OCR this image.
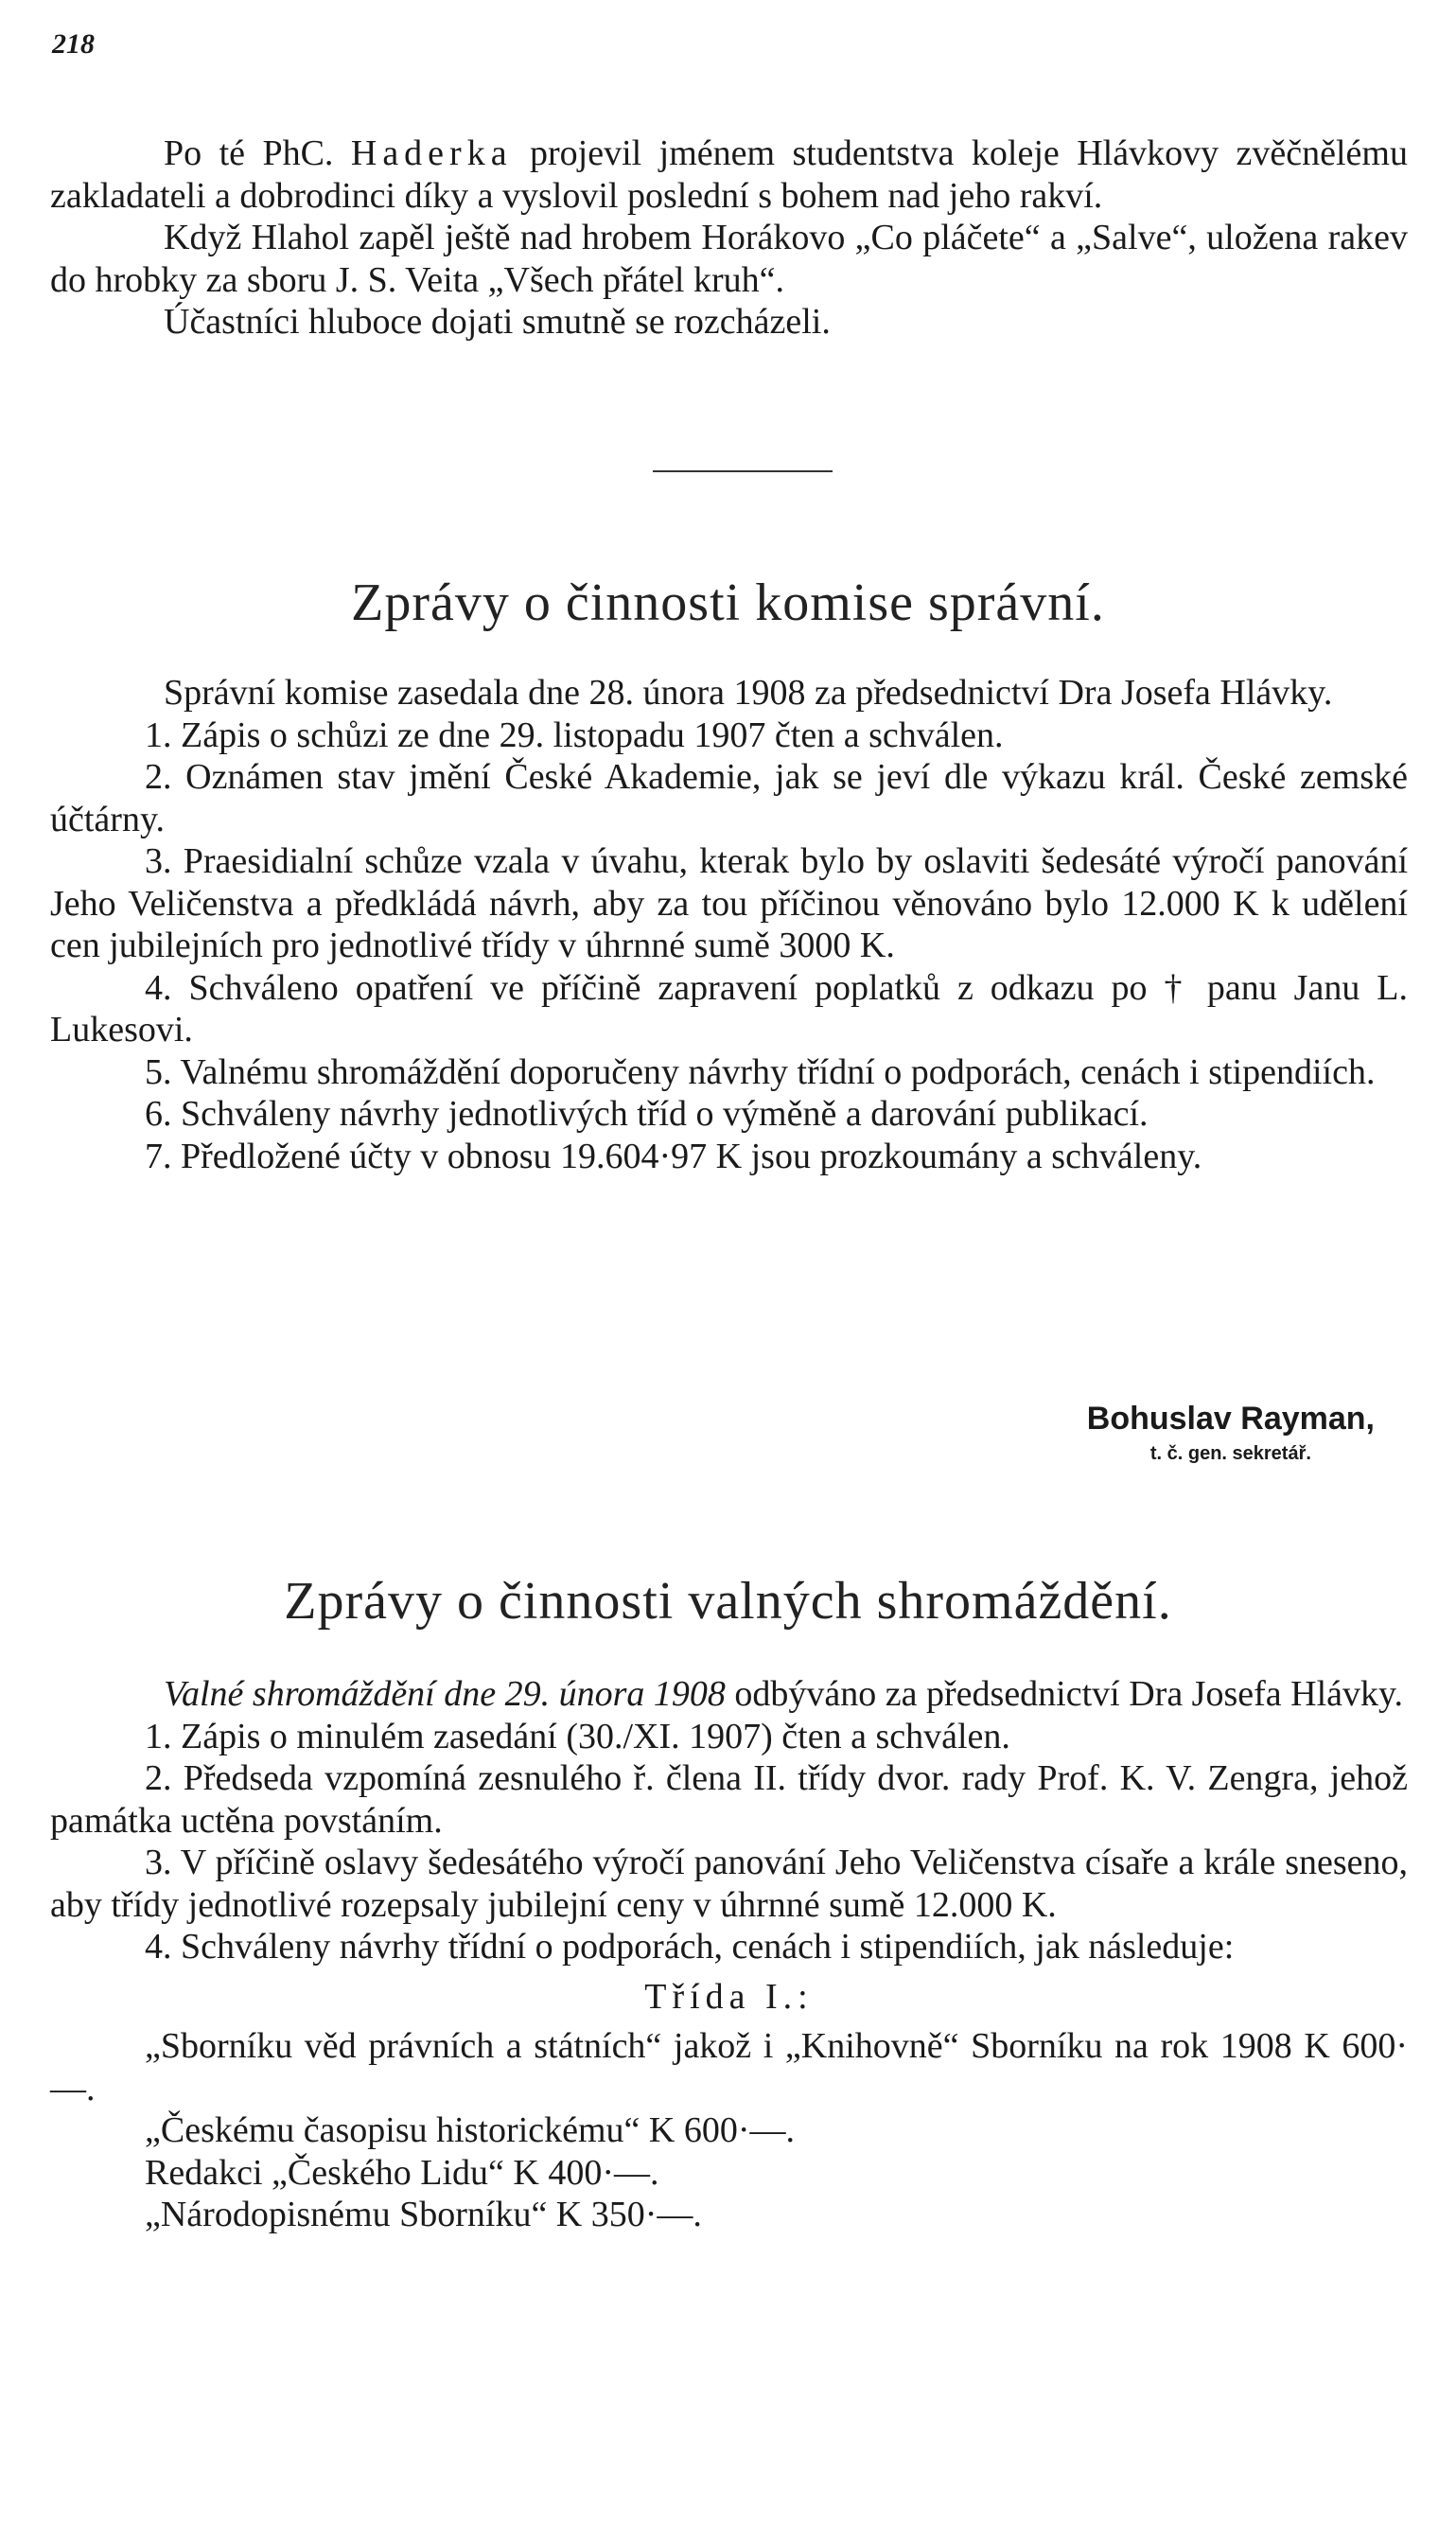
218

Po té PhC. Haderka projevil jménem studentstva koleje Hlávkovy zvěčnělému zakladateli a dobrodinci díky a vyslovil poslední s bohem nad jeho rakví.

Když Hlahol zapěl ještě nad hrobem Horákovo „Co pláčete“ a „Salve“, uložena rakev do hrobky za sboru J. S. Veita „Všech přátel kruh“.

Účastníci hluboce dojati smutně se rozcházeli.

Zprávy o činnosti komise správní.

Správní komise zasedala dne 28. února 1908 za předsednictví Dra Josefa Hlávky.

1. Zápis o schůzi ze dne 29. listopadu 1907 čten a schválen.

2. Oznámen stav jmění České Akademie, jak se jeví dle výkazu král. České zemské účtárny.

3. Praesidialní schůze vzala v úvahu, kterak bylo by oslaviti šedesáté výročí panování Jeho Veličenstva a předkládá návrh, aby za tou příčinou věnováno bylo 12.000 K k udělení cen jubilejních pro jednotlivé třídy v úhrnné sumě 3000 K.

4. Schváleno opatření ve příčině zapravení poplatků z odkazu po † panu Janu L. Lukesovi.

5. Valnému shromáždění doporučeny návrhy třídní o podporách, cenách i stipendiích.

6. Schváleny návrhy jednotlivých tříd o výměně a darování publikací.

7. Předložené účty v obnosu 19.604·97 K jsou prozkoumány a schváleny.

Bohuslav Rayman,
t. č. gen. sekretář.
Zprávy o činnosti valných shromáždění.

Valné shromáždění dne 29. února 1908 odbýváno za předsednictví Dra Josefa Hlávky.

1. Zápis o minulém zasedání (30./XI. 1907) čten a schválen.

2. Předseda vzpomíná zesnulého ř. člena II. třídy dvor. rady Prof. K. V. Zengra, jehož památka uctěna povstáním.

3. V příčině oslavy šedesátého výročí panování Jeho Veličenstva císaře a krále sneseno, aby třídy jednotlivé rozepsaly jubilejní ceny v úhrnné sumě 12.000 K.

4. Schváleny návrhy třídní o podporách, cenách i stipendiích, jak následuje:

Třída I.:

„Sborníku věd právních a státních“ jakož i „Knihovně“ Sborníku na rok 1908 K 600·—.

„Českému časopisu historickému“ K 600·—.

Redakci „Českého Lidu“ K 400·—.

„Národopisnému Sborníku“ K 350·—.
